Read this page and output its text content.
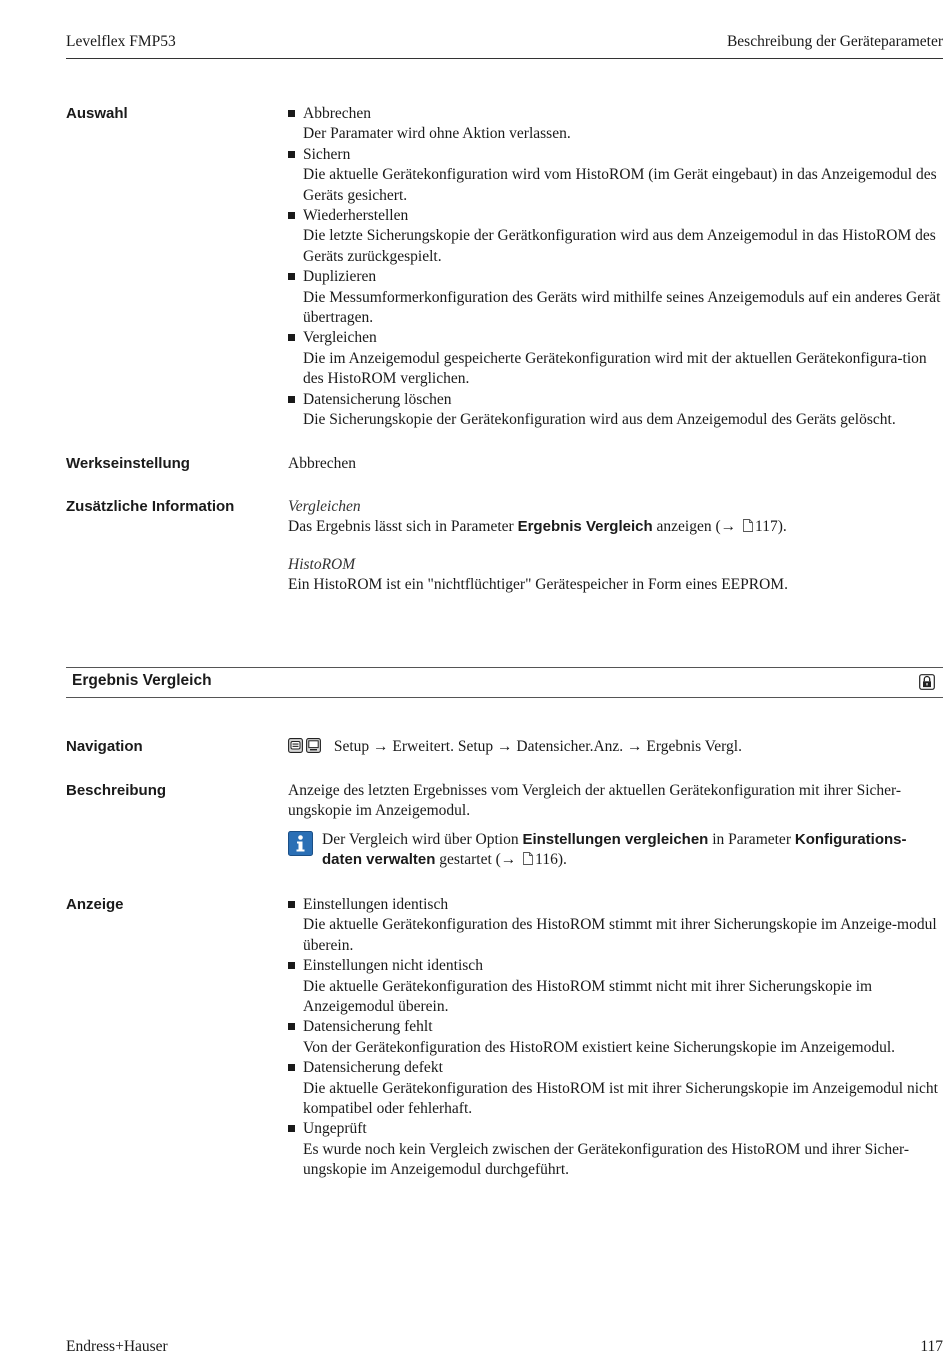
Levelflex FMP53	Beschreibung der Geräteparameter
Auswahl	Abbrechen
Der Paramater wird ohne Aktion verlassen.
Sichern
Die aktuelle Gerätekonfiguration wird vom HistoROM (im Gerät eingebaut) in das Anzeigemodul des Geräts gesichert.
Wiederherstellen
Die letzte Sicherungskopie der Gerätkonfiguration wird aus dem Anzeigemodul in das HistoROM des Geräts zurückgespielt.
Duplizieren
Die Messumformerkonfiguration des Geräts wird mithilfe seines Anzeigemoduls auf ein anderes Gerät übertragen.
Vergleichen
Die im Anzeigemodul gespeicherte Gerätekonfiguration wird mit der aktuellen Gerätekonfigura-tion des HistoROM verglichen.
Datensicherung löschen
Die Sicherungskopie der Gerätekonfiguration wird aus dem Anzeigemodul des Geräts gelöscht.
Werkseinstellung	Abbrechen
Zusätzliche Information	Vergleichen
Das Ergebnis lässt sich in Parameter Ergebnis Vergleich anzeigen (→ 117).
HistoROM
Ein HistoROM ist ein "nichtflüchtiger" Gerätespeicher in Form eines EEPROM.
Ergebnis Vergleich
Navigation	Setup → Erweitert. Setup → Datensicher.Anz. → Ergebnis Vergl.
Beschreibung	Anzeige des letzten Ergebnisses vom Vergleich der aktuellen Gerätekonfiguration mit ihrer Sicher-ungskopie im Anzeigemodul.
Der Vergleich wird über Option Einstellungen vergleichen in Parameter Konfigurations-daten verwalten gestartet (→ 116).
Anzeige	Einstellungen identisch
Die aktuelle Gerätekonfiguration des HistoROM stimmt mit ihrer Sicherungskopie im Anzeige-modul überein.
Einstellungen nicht identisch
Die aktuelle Gerätekonfiguration des HistoROM stimmt nicht mit ihrer Sicherungskopie im Anzeigemodul überein.
Datensicherung fehlt
Von der Gerätekonfiguration des HistoROM existiert keine Sicherungskopie im Anzeigemodul.
Datensicherung defekt
Die aktuelle Gerätekonfiguration des HistoROM ist mit ihrer Sicherungskopie im Anzeigemodul nicht kompatibel oder fehlerhaft.
Ungeprüft
Es wurde noch kein Vergleich zwischen der Gerätekonfiguration des HistoROM und ihrer Sicher-ungskopie im Anzeigemodul durchgeführt.
Endress+Hauser	117
